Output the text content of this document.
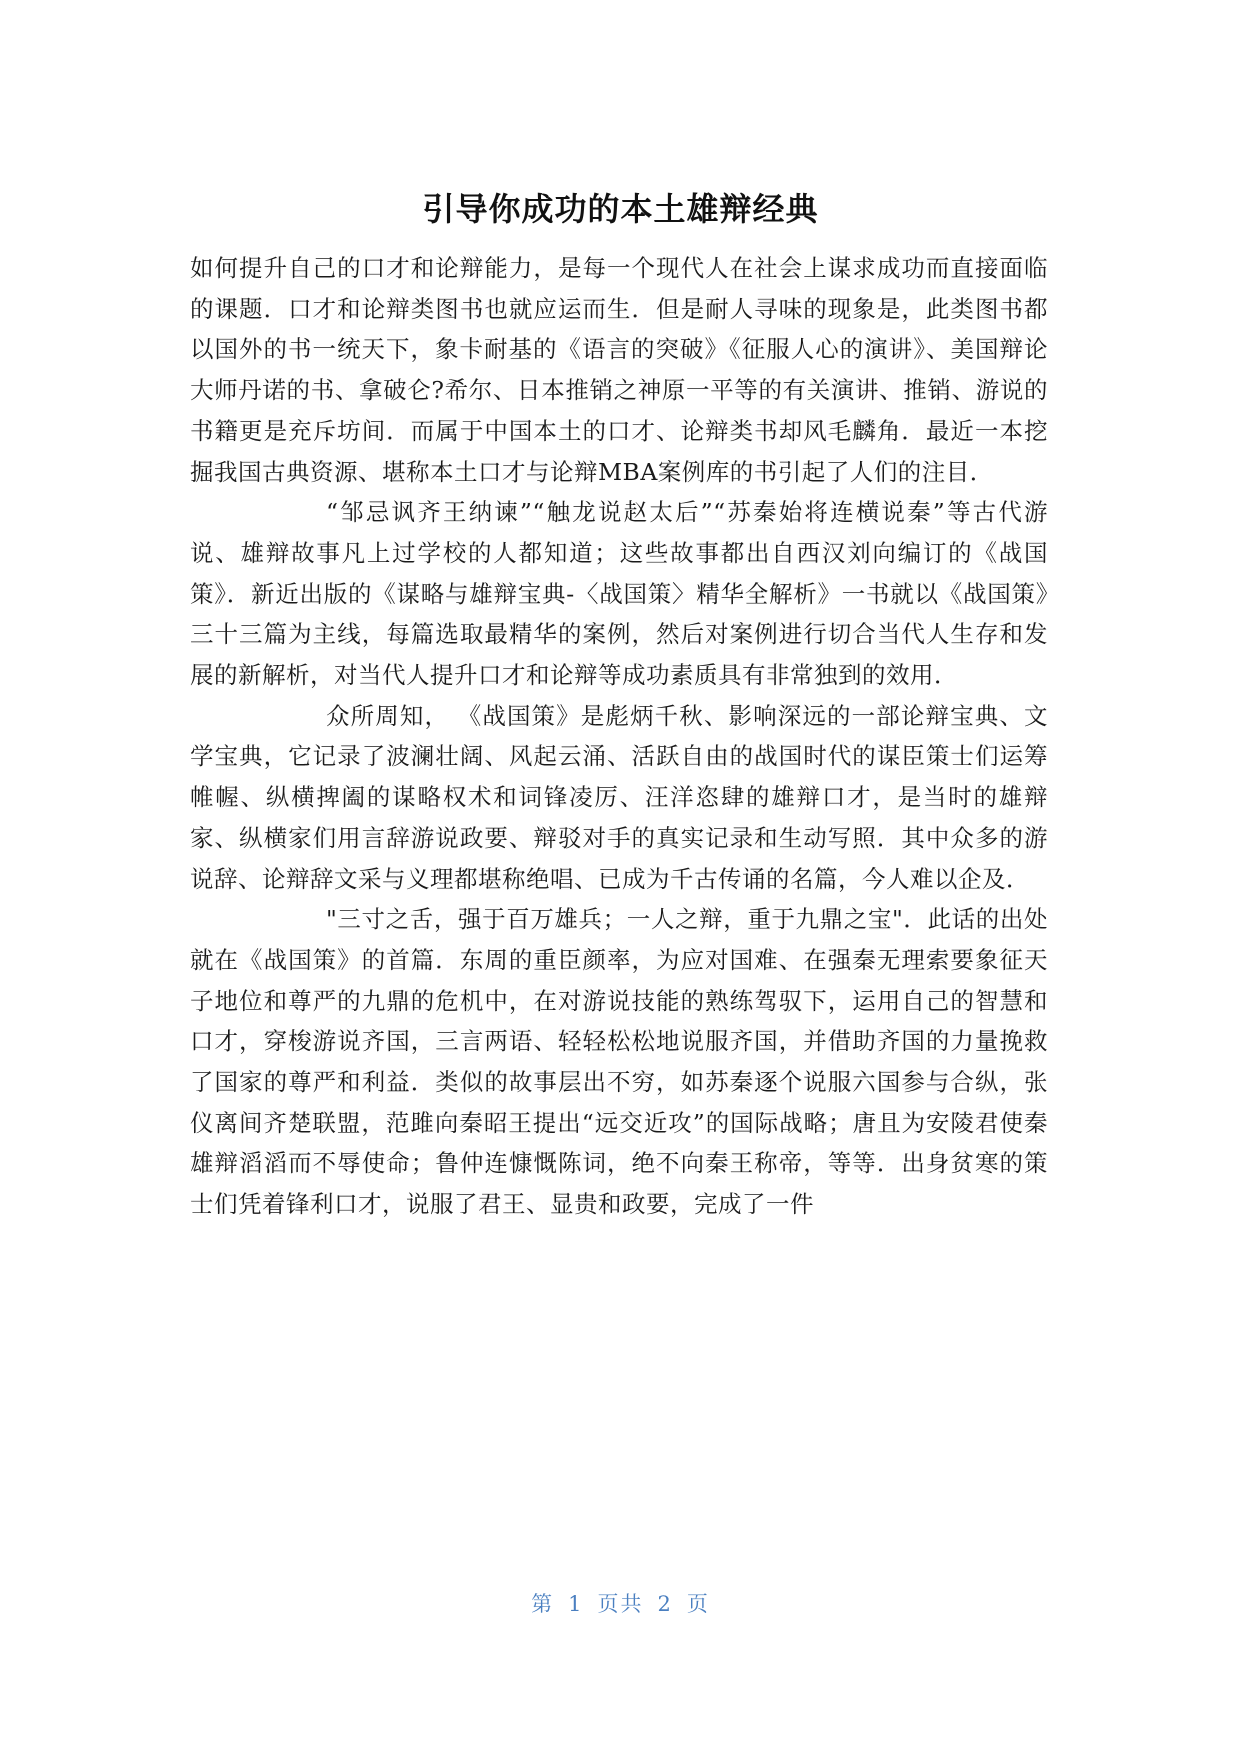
引导你成功的本土雄辩经典

如何提升自己的口才和论辩能力，是每一个现代人在社会上谋求成功而直接面临的课题．口才和论辩类图书也就应运而生．但是耐人寻味的现象是，此类图书都以国外的书一统天下，象卡耐基的《语言的突破》《征服人心的演讲》、美国辩论大师丹诺的书、拿破仑?希尔、日本推销之神原一平等的有关演讲、推销、游说的书籍更是充斥坊间．而属于中国本土的口才、论辩类书却风毛麟角．最近一本挖掘我国古典资源、堪称本土口才与论辩MBA案例库的书引起了人们的注目．

“邹忌讽齐王纳谏”“触龙说赵太后”“苏秦始将连横说秦”等古代游说、雄辩故事凡上过学校的人都知道；这些故事都出自西汉刘向编订的《战国策》．新近出版的《谋略与雄辩宝典-〈战国策〉精华全解析》一书就以《战国策》三十三篇为主线，每篇选取最精华的案例，然后对案例进行切合当代人生存和发展的新解析，对当代人提升口才和论辩等成功素质具有非常独到的效用．

众所周知， 《战国策》是彪炳千秋、影响深远的一部论辩宝典、文学宝典，它记录了波澜壮阔、风起云涌、活跃自由的战国时代的谋臣策士们运筹帷幄、纵横捭阖的谋略权术和词锋凌厉、汪洋恣肆的雄辩口才，是当时的雄辩家、纵横家们用言辞游说政要、辩驳对手的真实记录和生动写照．其中众多的游说辞、论辩辞文采与义理都堪称绝唱、已成为千古传诵的名篇，今人难以企及．

"三寸之舌，强于百万雄兵；一人之辩，重于九鼎之宝"．此话的出处就在《战国策》的首篇．东周的重臣颜率，为应对国难、在强秦无理索要象征天子地位和尊严的九鼎的危机中，在对游说技能的熟练驾驭下，运用自己的智慧和口才，穿梭游说齐国，三言两语、轻轻松松地说服齐国，并借助齐国的力量挽救了国家的尊严和利益．类似的故事层出不穷，如苏秦逐个说服六国参与合纵，张仪离间齐楚联盟，范雎向秦昭王提出“远交近攻”的国际战略；唐且为安陵君使秦雄辩滔滔而不辱使命；鲁仲连慷慨陈词，绝不向秦王称帝，等等．出身贫寒的策士们凭着锋利口才，说服了君王、显贵和政要，完成了一件

第 1 页共 2 页
